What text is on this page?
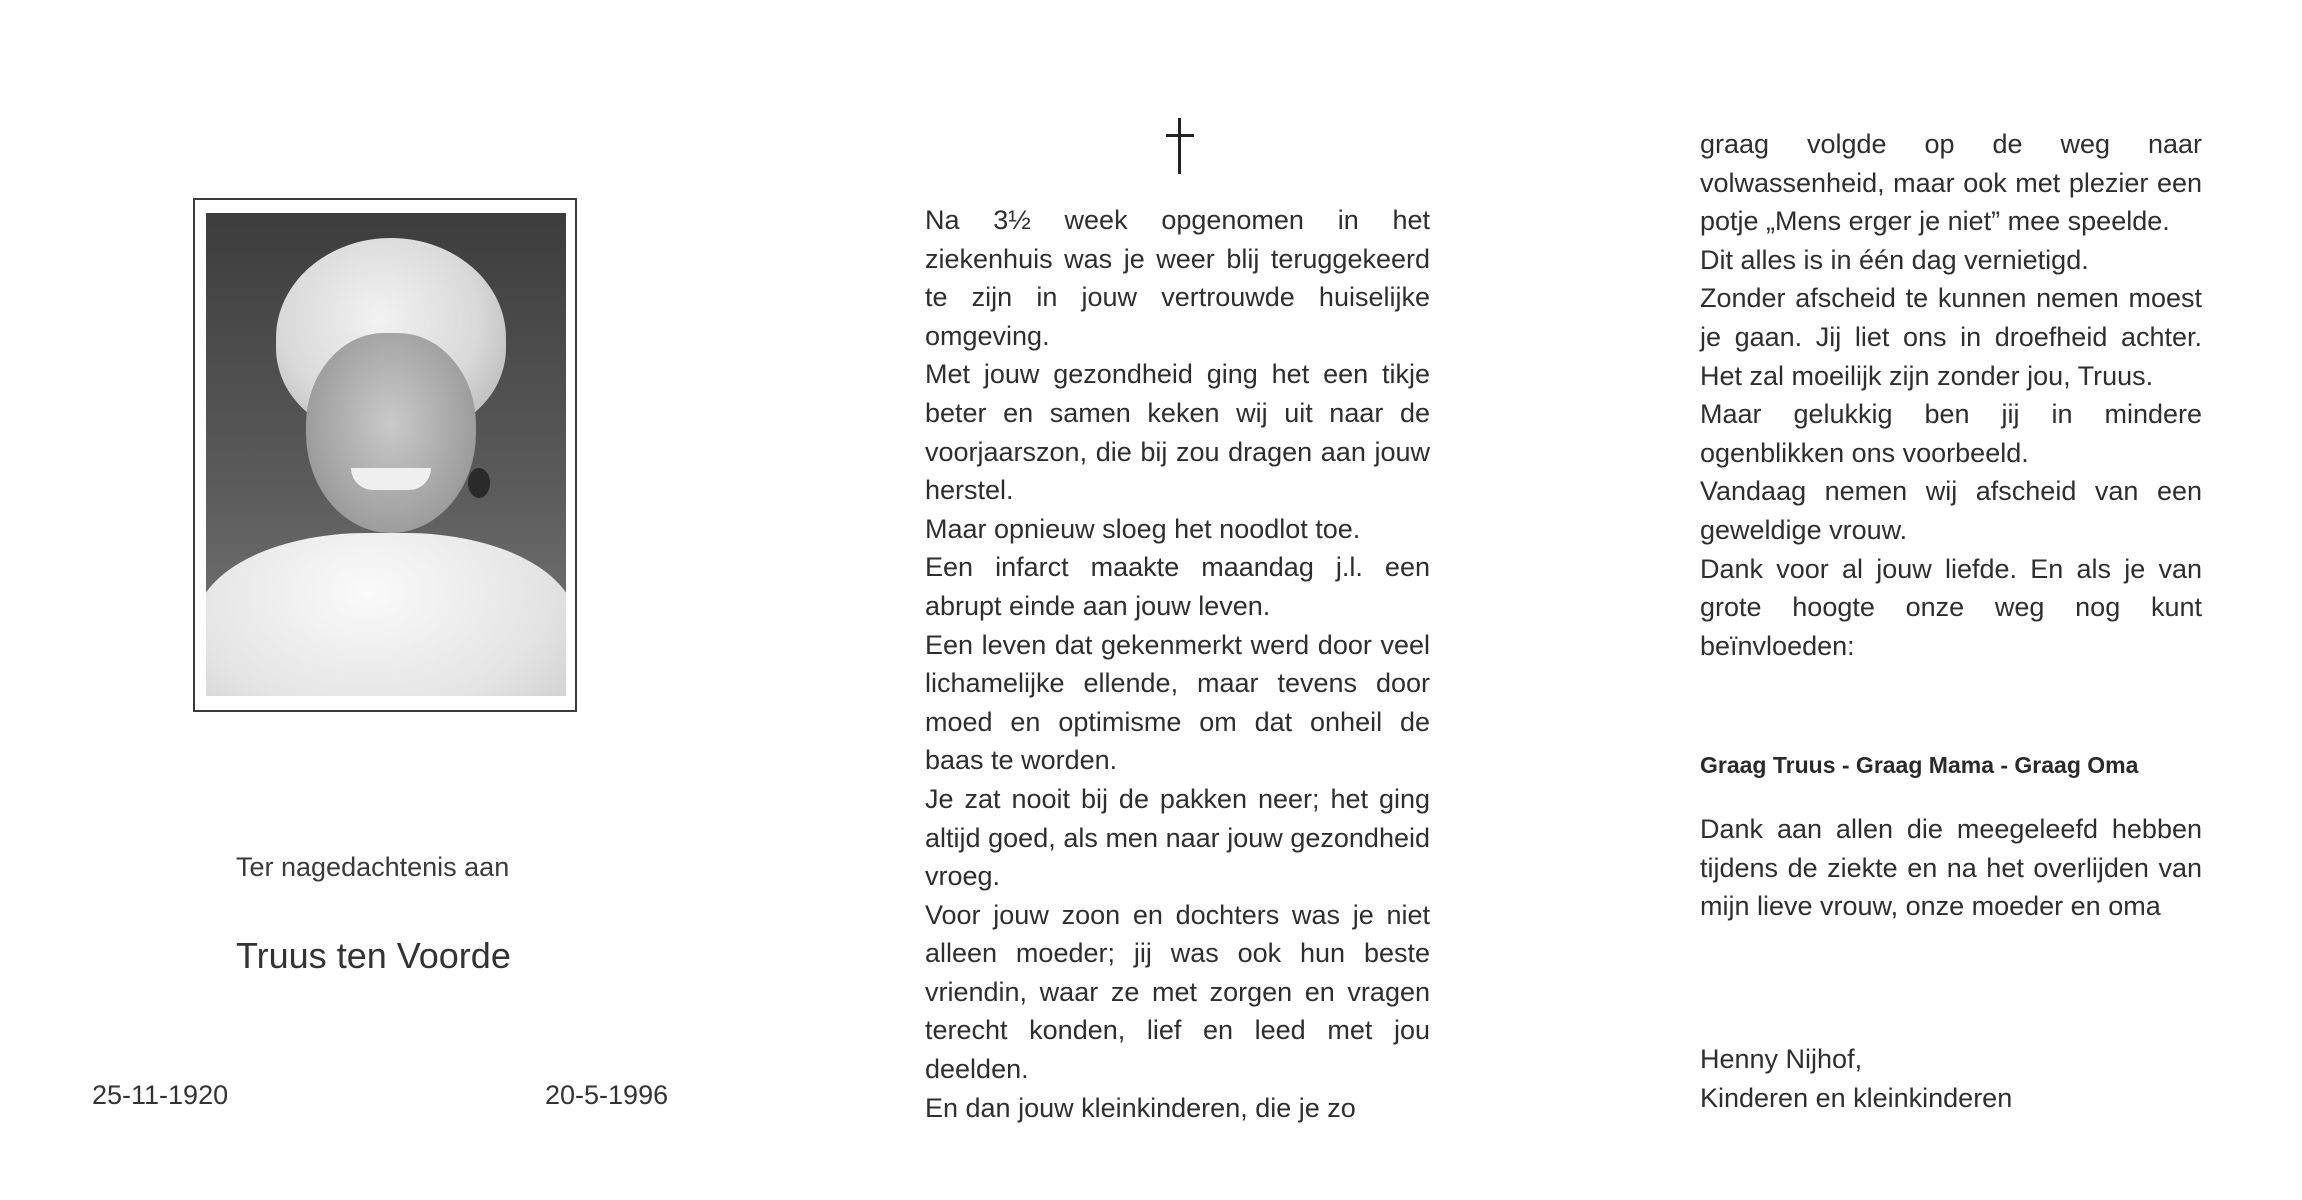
Ter nagedachtenis aan
Truus ten Voorde
25-11-1920	20-5-1996

Na 3½ week opgenomen in het ziekenhuis was je weer blij teruggekeerd te zijn in jouw vertrouwde huiselijke omgeving.

Met jouw gezondheid ging het een tikje beter en samen keken wij uit naar de voorjaarszon, die bij zou dragen aan jouw herstel.

Maar opnieuw sloeg het noodlot toe.

Een infarct maakte maandag j.l. een abrupt einde aan jouw leven.

Een leven dat gekenmerkt werd door veel lichamelijke ellende, maar tevens door moed en optimisme om dat onheil de baas te worden.

Je zat nooit bij de pakken neer; het ging altijd goed, als men naar jouw gezondheid vroeg.

Voor jouw zoon en dochters was je niet alleen moeder; jij was ook hun beste vriendin, waar ze met zorgen en vragen terecht konden, lief en leed met jou deelden.

En dan jouw kleinkinderen, die je zo

graag volgde op de weg naar volwassenheid, maar ook met plezier een potje „Mens erger je niet” mee speelde.

Dit alles is in één dag vernietigd.

Zonder afscheid te kunnen nemen moest je gaan. Jij liet ons in droefheid achter. Het zal moeilijk zijn zonder jou, Truus.

Maar gelukkig ben jij in mindere ogenblikken ons voorbeeld.

Vandaag nemen wij afscheid van een geweldige vrouw.

Dank voor al jouw liefde. En als je van grote hoogte onze weg nog kunt beïnvloeden:

Graag Truus - Graag Mama - Graag Oma

Dank aan allen die meegeleefd hebben tijdens de ziekte en na het overlijden van mijn lieve vrouw, onze moeder en oma

Henny Nijhof,
Kinderen en kleinkinderen
